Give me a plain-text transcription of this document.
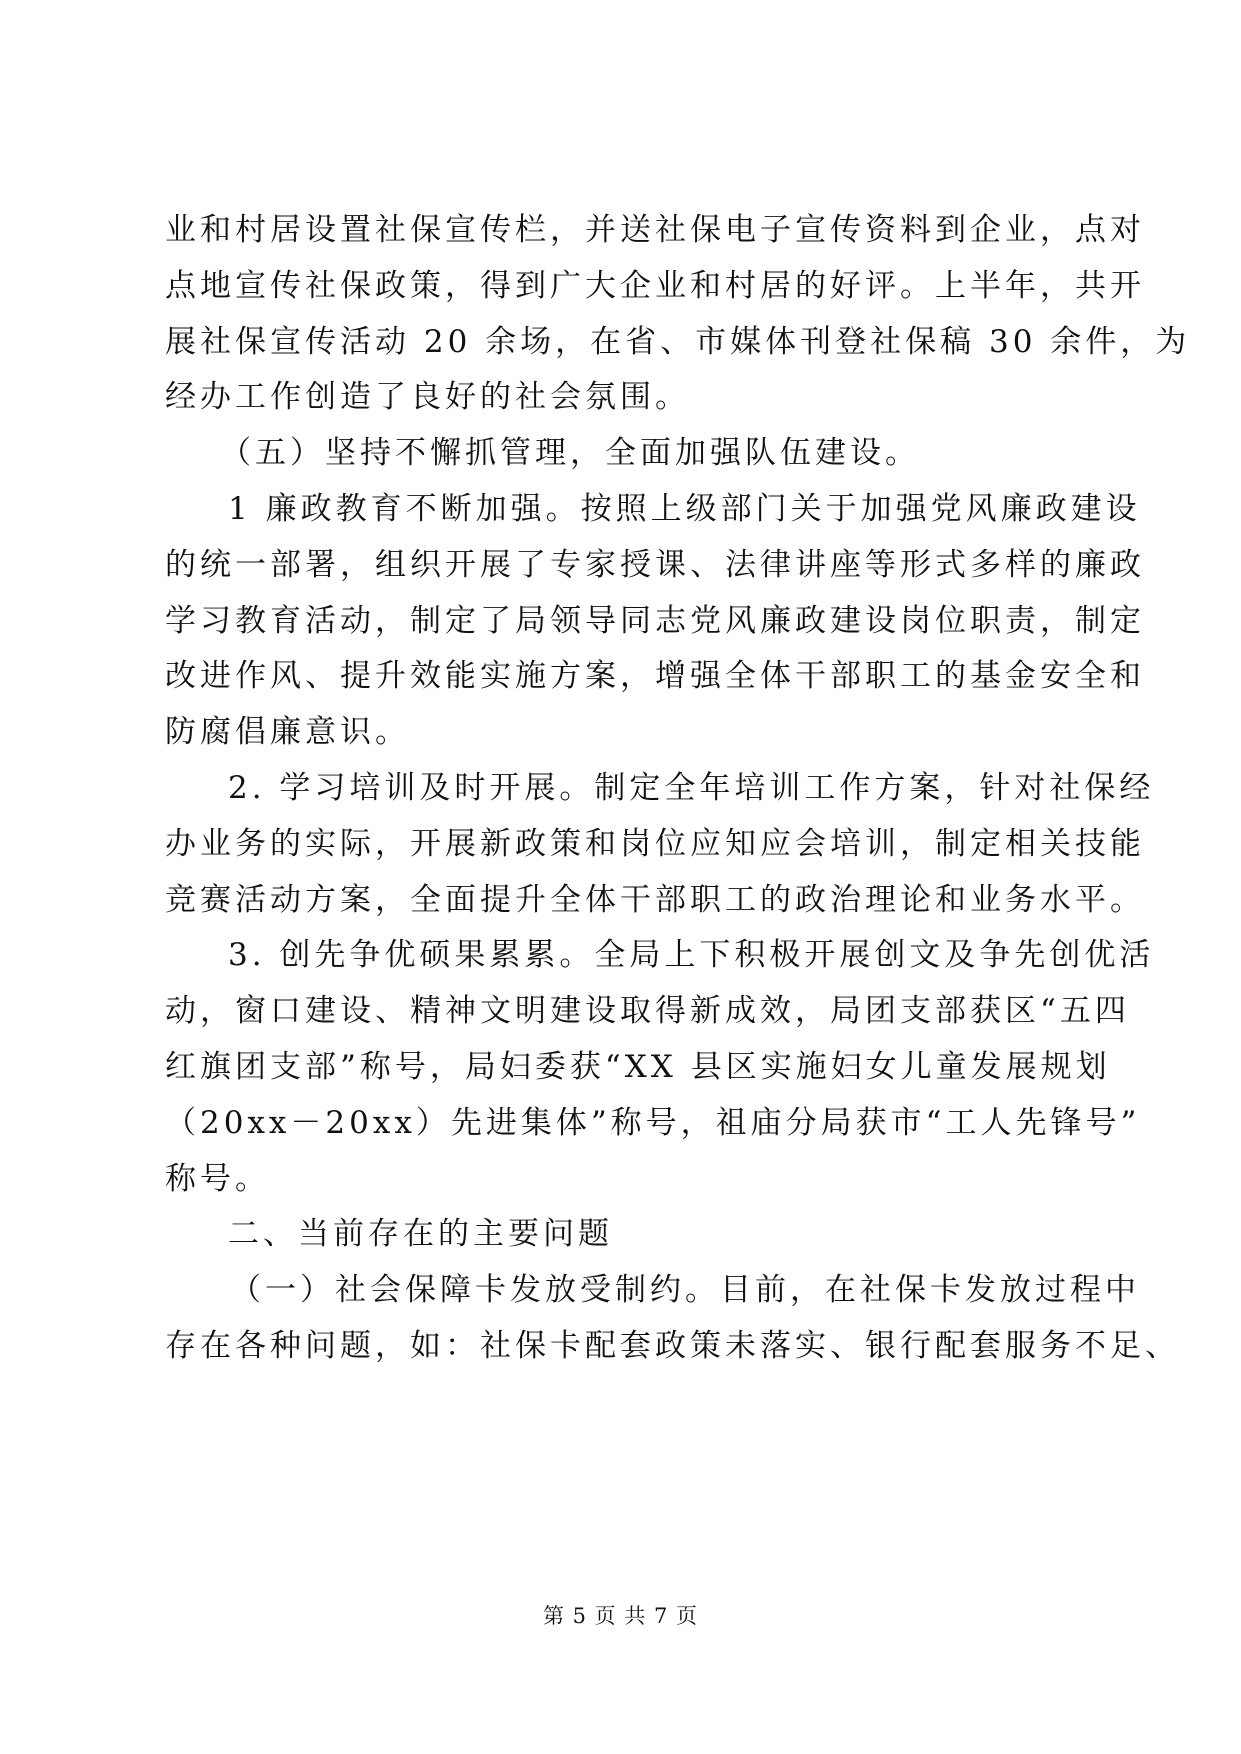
业和村居设置社保宣传栏，并送社保电子宣传资料到企业，点对
点地宣传社保政策，得到广大企业和村居的好评。上半年，共开
展社保宣传活动 20 余场，在省、市媒体刊登社保稿 30 余件，为
经办工作创造了良好的社会氛围。
（五）坚持不懈抓管理，全面加强队伍建设。
1 廉政教育不断加强。按照上级部门关于加强党风廉政建设
的统一部署，组织开展了专家授课、法律讲座等形式多样的廉政
学习教育活动，制定了局领导同志党风廉政建设岗位职责，制定
改进作风、提升效能实施方案，增强全体干部职工的基金安全和
防腐倡廉意识。
2. 学习培训及时开展。制定全年培训工作方案，针对社保经
办业务的实际，开展新政策和岗位应知应会培训，制定相关技能
竞赛活动方案，全面提升全体干部职工的政治理论和业务水平。
3. 创先争优硕果累累。全局上下积极开展创文及争先创优活
动，窗口建设、精神文明建设取得新成效，局团支部获区“五四
红旗团支部”称号，局妇委获“XX 县区实施妇女儿童发展规划
（20xx－20xx）先进集体”称号，祖庙分局获市“工人先锋号”
称号。
二、当前存在的主要问题
（一）社会保障卡发放受制约。目前，在社保卡发放过程中
存在各种问题，如：社保卡配套政策未落实、银行配套服务不足、
第 5 页 共 7 页
